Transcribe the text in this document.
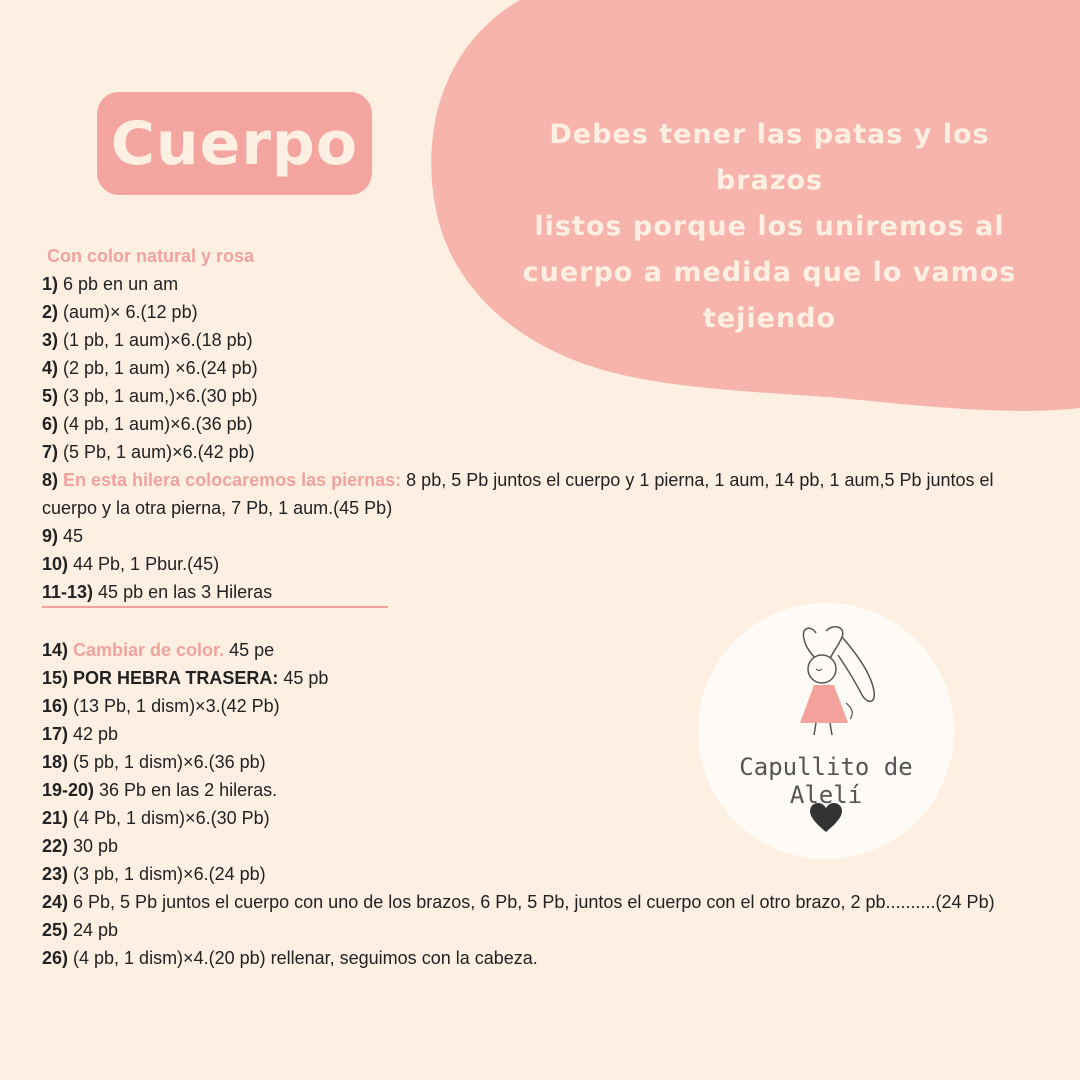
Cuerpo	Debes tener las patas y los brazos
listos porque los uniremos al
cuerpo a medida que lo vamos
tejiendo
Con color natural y rosa
1) 6 pb en un am
2) (aum)× 6.(12 pb)
3) (1 pb, 1 aum)×6.(18 pb)
4) (2 pb, 1 aum) ×6.(24 pb)
5) (3 pb, 1 aum,)×6.(30 pb)
6) (4 pb, 1 aum)×6.(36 pb)
7) (5 Pb, 1 aum)×6.(42 pb)
8) En esta hilera colocaremos las piernas: 8 pb, 5 Pb juntos el cuerpo y 1 pierna, 1 aum, 14 pb, 1 aum,5 Pb juntos el cuerpo y la otra pierna, 7 Pb, 1 aum.(45 Pb)
9) 45
10) 44 Pb, 1 Pbur.(45)
11-13) 45 pb en las 3 Hileras
14) Cambiar de color. 45 pe
15) POR HEBRA TRASERA: 45 pb
16) (13 Pb, 1 dism)×3.(42 Pb)
17) 42 pb
18) (5 pb, 1 dism)×6.(36 pb)
19-20) 36 Pb en las 2 hileras.
21) (4 Pb, 1 dism)×6.(30 Pb)
22) 30 pb
23) (3 pb, 1 dism)×6.(24 pb)
24) 6 Pb, 5 Pb juntos el cuerpo con uno de los brazos, 6 Pb, 5 Pb, juntos el cuerpo con el otro brazo, 2 pb..........(24 Pb)
25) 24 pb
26) (4 pb, 1 dism)×4.(20 pb) rellenar, seguimos con la cabeza.
Capullito de Alelí
